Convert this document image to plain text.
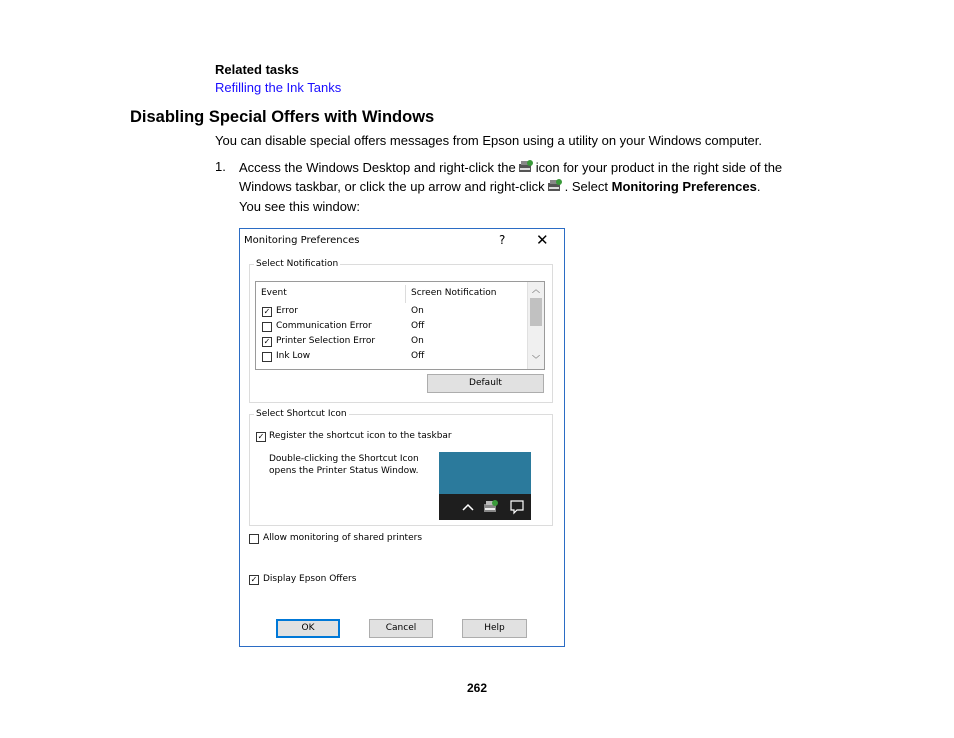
Related tasks
Refilling the Ink Tanks
Disabling Special Offers with Windows
You can disable special offers messages from Epson using a utility on your Windows computer.
1. Access the Windows Desktop and right-click the icon for your product in the right side of the
Windows taskbar, or click the up arrow and right-click . Select Monitoring Preferences.
You see this window:
Monitoring Preferences	? ✕
Select Notification
Event	Screen Notification
✓ Error	On
Communication Error	Off
✓ Printer Selection Error	On
Ink Low	Off
︿
﹀
Default
Select Shortcut Icon
✓ Register the shortcut icon to the taskbar
Double-clicking the Shortcut Icon
opens the Printer Status Window.
Allow monitoring of shared printers
✓ Display Epson Offers
OK	Cancel	Help
262
